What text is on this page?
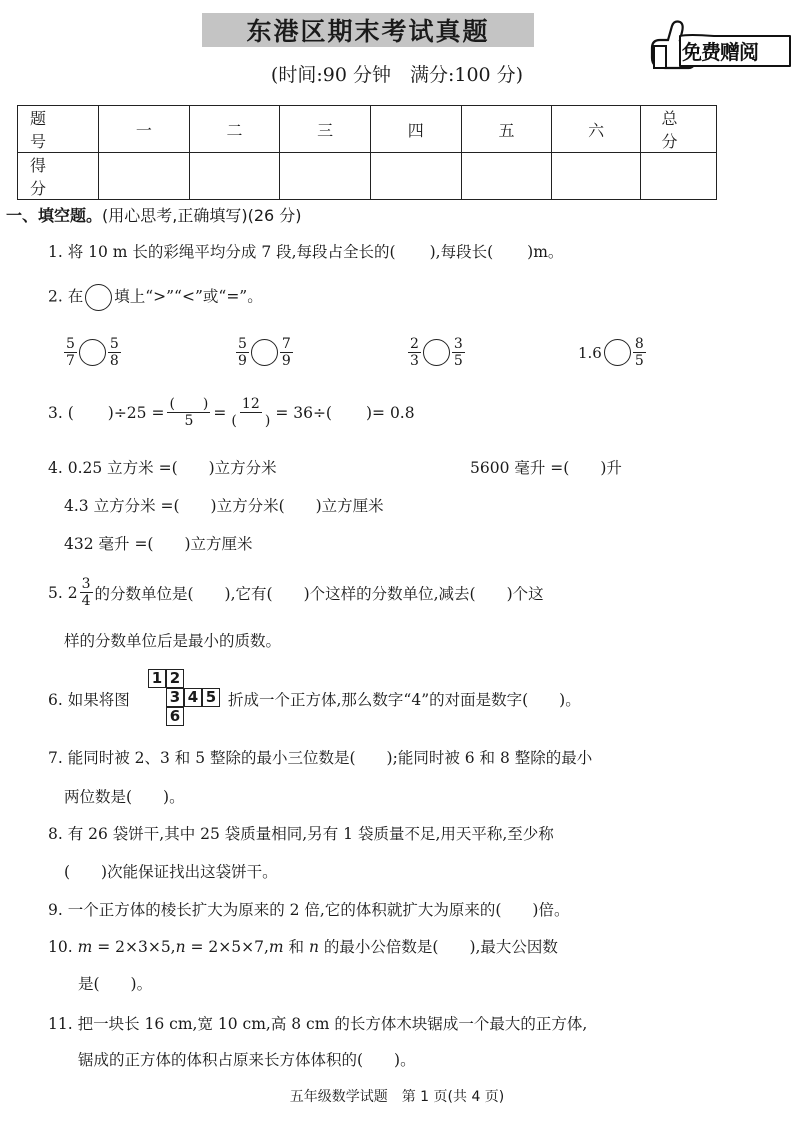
东港区期末考试真题
(时间:90 分钟　满分:100 分)
免费赠阅
题　号	一	二	三	四	五	六	总　分
得　分							
一、填空题。(用心思考,正确填写)(26 分)
1. 将 10 m 长的彩绳平均分成 7 段,每段占全长的( ),每段长( )m。
2. 在 填上“>”“<”或“=”。
$\frac{5}{7} \frac{5}{8}$	$\frac{5}{9} \frac{7}{9}$	$\frac{2}{3} \frac{3}{5}$	$1.6 \frac{8}{5}$
3. ( )$\div 25 = \frac{( )}{5} = \frac{12}{( )} = 36\div$( )= 0.8
4. 0.25 立方米 =(　　)立方分米	5600 毫升 =(　　)升
4.3 立方分米 =(　　)立方分米(　　)立方厘米
432 毫升 =(　　)立方厘米
5. $2 \frac{3}{4}$ 的分数单位是(　　),它有(　　)个这样的分数单位,减去(　　)个这
样的分数单位后是最小的质数。
6. 如果将图
1 2
3 4 5
6
折成一个正方体,那么数字“4”的对面是数字(　　)。
7. 能同时被 2、3 和 5 整除的最小三位数是(　　);能同时被 6 和 8 整除的最小
两位数是(　　)。
8. 有 26 袋饼干,其中 25 袋质量相同,另有 1 袋质量不足,用天平称,至少称
(　　)次能保证找出这袋饼干。
9. 一个正方体的棱长扩大为原来的 2 倍,它的体积就扩大为原来的(　　)倍。
10. m = 2×3×5,n = 2×5×7,m 和 n 的最小公倍数是(　　),最大公因数
是(　　)。
11. 把一块长 16 cm,宽 10 cm,高 8 cm 的长方体木块锯成一个最大的正方体,
锯成的正方体的体积占原来长方体体积的(　　)。
五年级数学试题　第 1 页(共 4 页)
